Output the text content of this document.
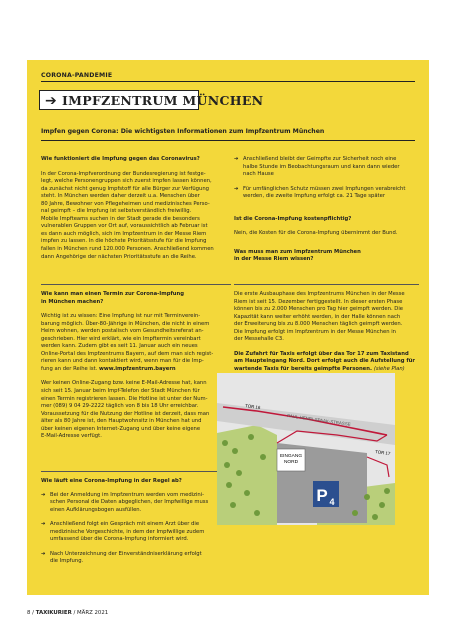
CORONA-PANDEMIE
➔ IMPFZENTRUM MÜNCHEN
Impfen gegen Corona: Die wichtigsten Informationen zum Impfzentrum München

Wie funktioniert die Impfung gegen das Coronavirus?

In der Corona-Impfverordnung der Bundesregierung ist festge-
legt, welche Personengruppen sich zuerst impfen lassen können,
da zunächst nicht genug Impfstoff für alle Bürger zur Verfügung
steht. In München werden daher derzeit u.a. Menschen über
80 Jahre, Bewohner von Pflegeheimen und medizinisches Perso-
nal geimpft – die Impfung ist selbstverständlich freiwillig.
Mobile Impfteams suchen in der Stadt gerade die besonders
vulnerablen Gruppen vor Ort auf, voraussichtlich ab Februar ist
es dann auch möglich, sich im Impfzentrum in der Messe Riem
impfen zu lassen. In die höchste Prioritätsstufe für die Impfung
fallen in München rund 120.000 Personen. Anschließend kommen
dann Angehörige der nächsten Prioritätsstufe an die Reihe.

Wie kann man einen Termin zur Corona-Impfung
in München machen?

Wichtig ist zu wissen: Eine Impfung ist nur mit Terminverein-
barung möglich. Über-80-Jährige in München, die nicht in einem
Heim wohnen, werden postalisch vom Gesundheitsreferat an-
geschrieben. Hier wird erklärt, wie ein Impftermin vereinbart
werden kann. Zudem gibt es seit 11. Januar auch ein neues
Online-Portal des Impfzentrums Bayern, auf dem man sich regist-
rieren kann und dann kontaktiert wird, wenn man für die Imp-
fung an der Reihe ist. www.impfzentrum.bayern

Wer keinen Online-Zugang bzw. keine E-Mail-Adresse hat, kann
sich seit 15. Januar beim Impf-Telefon der Stadt München für
einen Termin registrieren lassen. Die Hotline ist unter der Num-
mer (089) 9 04 29-2222 täglich von 8 bis 18 Uhr erreichbar.
Voraussetzung für die Nutzung der Hotline ist derzeit, dass man
älter als 80 Jahre ist, den Hauptwohnsitz in München hat und
über keinen eigenen Internet-Zugang und über keine eigene
E-Mail-Adresse verfügt.

Wie läuft eine Corona-Impfung in der Regel ab?

➔ Bei der Anmeldung im Impfzentrum werden vom medizini-
schen Personal die Daten abgeglichen, der Impfwillige muss
einen Aufklärungsbogen ausfüllen.
➔ Anschließend folgt ein Gespräch mit einem Arzt über die
medizinische Vorgeschichte, in dem der Impfwillige zudem
umfassend über die Corona-Impfung informiert wird.
➔ Nach Unterzeichnung der Einverständniserklärung erfolgt
die Impfung.
➔ Anschließend bleibt der Geimpfte zur Sicherheit noch eine
halbe Stunde im Beobachtungsraum und kann dann wieder
nach Hause
➔ Für umfänglichen Schutz müssen zwei Impfungen verabreicht
werden, die zweite Impfung erfolgt ca. 21 Tage später

Ist die Corona-Impfung kostenpflichtig?

Nein, die Kosten für die Corona-Impfung übernimmt der Bund.

Was muss man zum Impfzentrum München
in der Messe Riem wissen?

Die erste Ausbauphase des Impfzentrums München in der Messe
Riem ist seit 15. Dezember fertiggestellt. In dieser ersten Phase
können bis zu 2.000 Menschen pro Tag hier geimpft werden. Die
Kapazität kann weiter erhöht werden, in der Halle können nach
der Erweiterung bis zu 8.000 Menschen täglich geimpft werden.
Die Impfung erfolgt im Impfzentrum in der Messe München in
der Messehalle C3.

Die Zufahrt für Taxis erfolgt über das Tor 17 zum Taxistand
am Haupteingang Nord. Dort erfolgt auch die Aufstellung für
wartende Taxis für bereits geimpfte Personen. (siehe Plan)

EINGANG
NORD
P 4
TOR 16
TOR 17
PAUL-HENRI-SPAAK-STRASSE
8 / TAXIKURIER / MÄRZ 2021
